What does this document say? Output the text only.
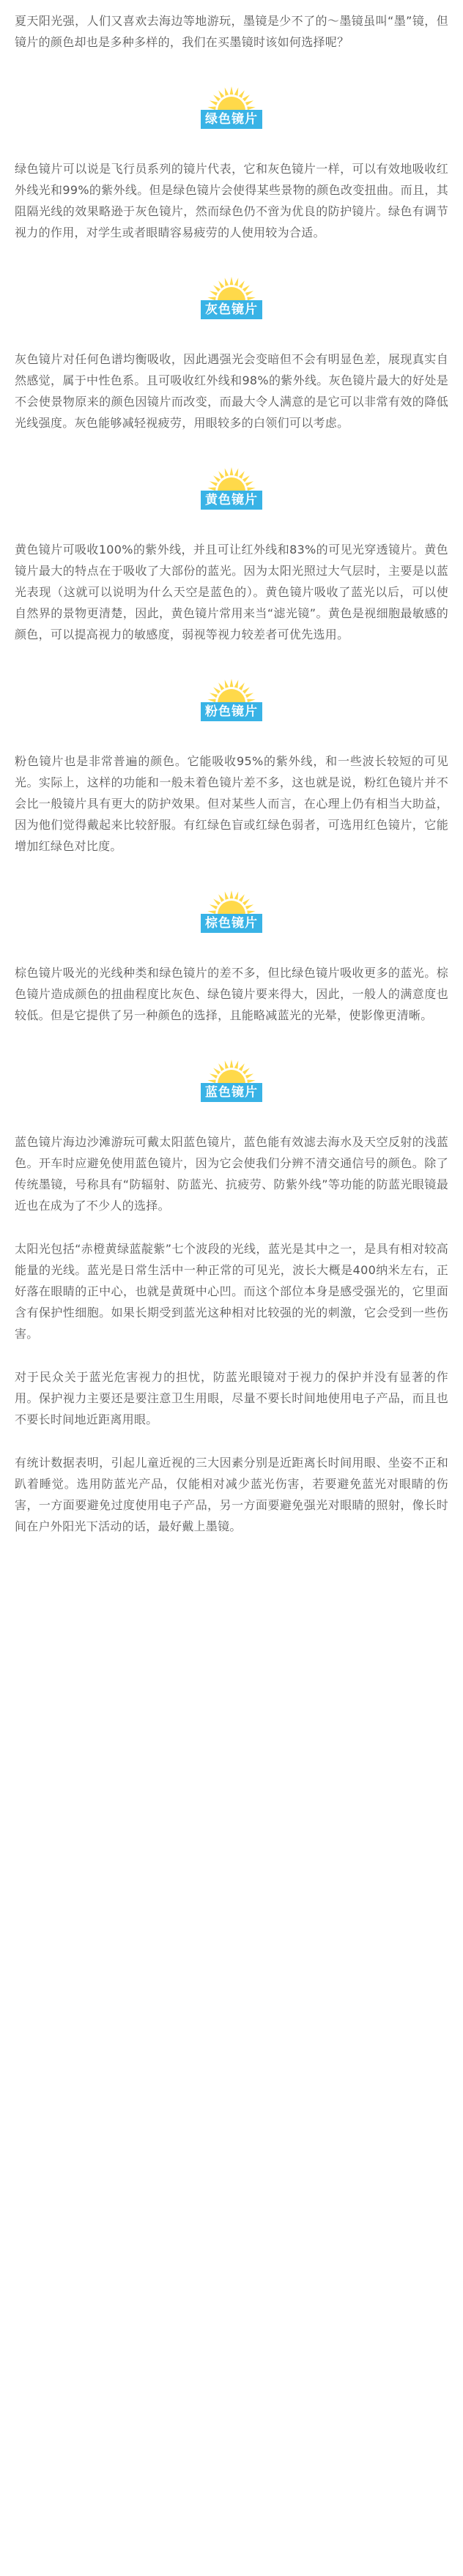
夏天阳光强，人们又喜欢去海边等地游玩，墨镜是少不了的～墨镜虽叫“墨”镜，但镜片的颜色却也是多种多样的，我们在买墨镜时该如何选择呢？

绿色镜片

绿色镜片可以说是飞行员系列的镜片代表，它和灰色镜片一样，可以有效地吸收红外线光和99%的紫外线。但是绿色镜片会使得某些景物的颜色改变扭曲。而且，其阻隔光线的效果略逊于灰色镜片，然而绿色仍不啻为优良的防护镜片。绿色有调节视力的作用，对学生或者眼睛容易疲劳的人使用较为合适。

灰色镜片

灰色镜片对任何色谱均衡吸收，因此遇强光会变暗但不会有明显色差，展现真实自然感觉，属于中性色系。且可吸收红外线和98%的紫外线。灰色镜片最大的好处是不会使景物原来的颜色因镜片而改变，而最大令人满意的是它可以非常有效的降低光线强度。灰色能够减轻视疲劳，用眼较多的白领们可以考虑。

黄色镜片

黄色镜片可吸收100%的紫外线，并且可让红外线和83%的可见光穿透镜片。黄色镜片最大的特点在于吸收了大部份的蓝光。因为太阳光照过大气层时，主要是以蓝光表现（这就可以说明为什么天空是蓝色的）。黄色镜片吸收了蓝光以后，可以使自然界的景物更清楚，因此，黄色镜片常用来当“滤光镜”。黄色是视细胞最敏感的颜色，可以提高视力的敏感度，弱视等视力较差者可优先选用。

粉色镜片

粉色镜片也是非常普遍的颜色。它能吸收95%的紫外线，和一些波长较短的可见光。实际上，这样的功能和一般未着色镜片差不多，这也就是说，粉红色镜片并不会比一般镜片具有更大的防护效果。但对某些人而言，在心理上仍有相当大助益，因为他们觉得戴起来比较舒服。有红绿色盲或红绿色弱者，可选用红色镜片，它能增加红绿色对比度。

棕色镜片

棕色镜片吸光的光线种类和绿色镜片的差不多，但比绿色镜片吸收更多的蓝光。棕色镜片造成颜色的扭曲程度比灰色、绿色镜片要来得大，因此，一般人的满意度也较低。但是它提供了另一种颜色的选择，且能略减蓝光的光晕，使影像更清晰。

蓝色镜片

蓝色镜片海边沙滩游玩可戴太阳蓝色镜片，蓝色能有效滤去海水及天空反射的浅蓝色。开车时应避免使用蓝色镜片，因为它会使我们分辨不清交通信号的颜色。除了传统墨镜，号称具有“防辐射、防蓝光、抗疲劳、防紫外线”等功能的防蓝光眼镜最近也在成为了不少人的选择。

太阳光包括“赤橙黄绿蓝靛紫”七个波段的光线，蓝光是其中之一，是具有相对较高能量的光线。蓝光是日常生活中一种正常的可见光，波长大概是400纳米左右，正好落在眼睛的正中心，也就是黄斑中心凹。而这个部位本身是感受强光的，它里面含有保护性细胞。如果长期受到蓝光这种相对比较强的光的刺激，它会受到一些伤害。

对于民众关于蓝光危害视力的担忧，防蓝光眼镜对于视力的保护并没有显著的作用。保护视力主要还是要注意卫生用眼，尽量不要长时间地使用电子产品，而且也不要长时间地近距离用眼。

有统计数据表明，引起儿童近视的三大因素分别是近距离长时间用眼、坐姿不正和趴着睡觉。选用防蓝光产品，仅能相对减少蓝光伤害，若要避免蓝光对眼睛的伤害，一方面要避免过度使用电子产品，另一方面要避免强光对眼睛的照射，像长时间在户外阳光下活动的话，最好戴上墨镜。
